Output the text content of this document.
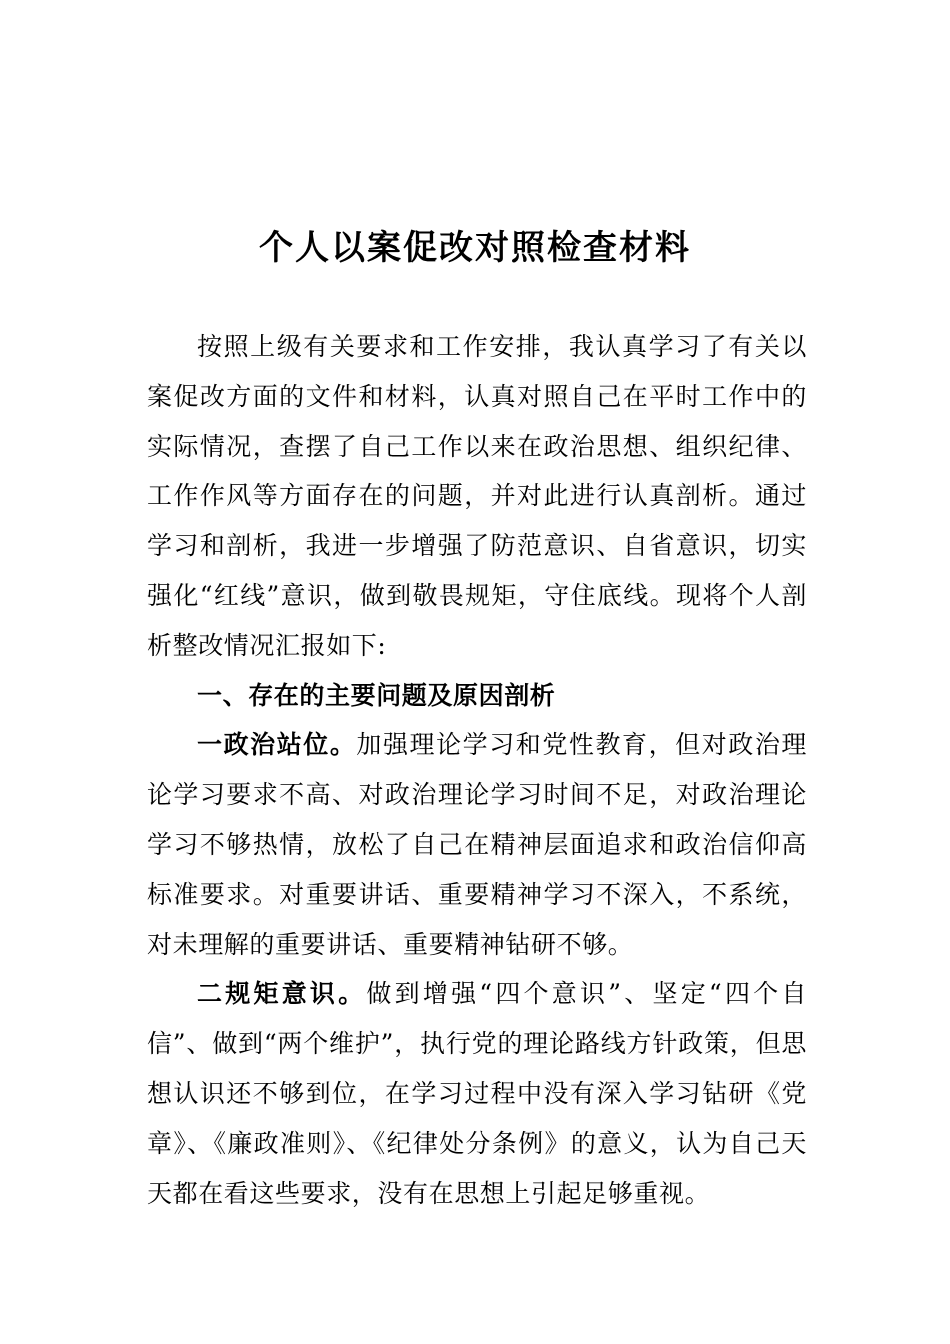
个人以案促改对照检查材料

按照上级有关要求和工作安排，我认真学习了有关以案促改方面的文件和材料，认真对照自己在平时工作中的实际情况，查摆了自己工作以来在政治思想、组织纪律、工作作风等方面存在的问题，并对此进行认真剖析。通过学习和剖析，我进一步增强了防范意识、自省意识，切实强化“红线”意识，做到敬畏规矩，守住底线。现将个人剖析整改情况汇报如下:

一、存在的主要问题及原因剖析

一政治站位。加强理论学习和党性教育，但对政治理论学习要求不高、对政治理论学习时间不足，对政治理论学习不够热情，放松了自己在精神层面追求和政治信仰高标准要求。对重要讲话、重要精神学习不深入，不系统，对未理解的重要讲话、重要精神钻研不够。

二规矩意识。做到增强“四个意识”、坚定“四个自信”、做到“两个维护”，执行党的理论路线方针政策，但思想认识还不够到位，在学习过程中没有深入学习钻研《党章》、《廉政准则》、《纪律处分条例》的意义，认为自己天天都在看这些要求，没有在思想上引起足够重视。
